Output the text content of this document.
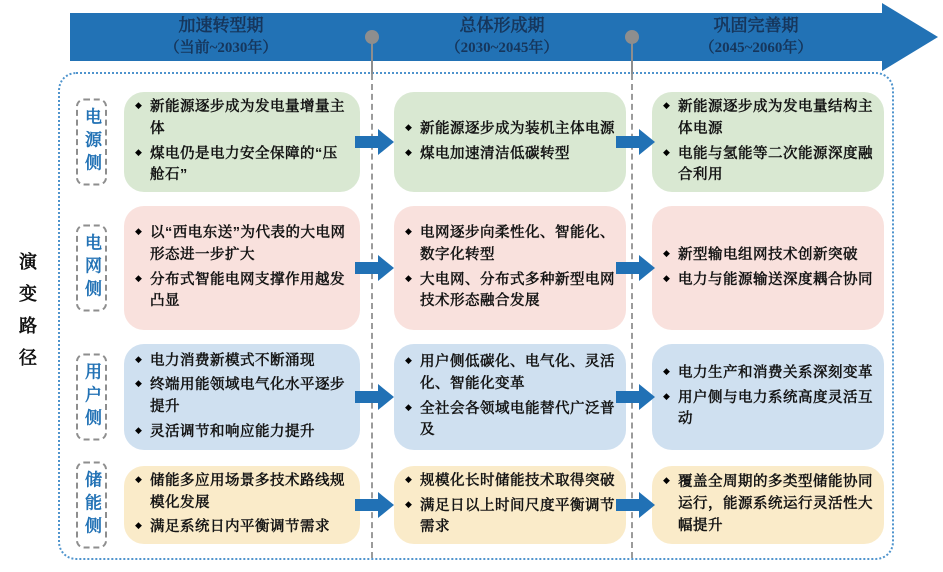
加速转型期
（当前~2030年）
总体形成期
（2030~2045年）
巩固完善期
（2045~2060年）
演变路径
电源侧
◆ 新能源逐步成为发电量增量主体
◆ 煤电仍是电力安全保障的“压舱石”
◆ 新能源逐步成为装机主体电源
◆ 煤电加速清洁低碳转型
◆ 新能源逐步成为发电量结构主体电源
◆ 电能与氢能等二次能源深度融合利用
电网侧
◆ 以“西电东送”为代表的大电网形态进一步扩大
◆ 分布式智能电网支撑作用越发凸显
◆ 电网逐步向柔性化、智能化、数字化转型
◆ 大电网、分布式多种新型电网技术形态融合发展
◆ 新型输电组网技术创新突破
◆ 电力与能源输送深度耦合协同
用户侧
◆ 电力消费新模式不断涌现
◆ 终端用能领域电气化水平逐步提升
◆ 灵活调节和响应能力提升
◆ 用户侧低碳化、电气化、灵活化、智能化变革
◆ 全社会各领域电能替代广泛普及
◆ 电力生产和消费关系深刻变革
◆ 用户侧与电力系统高度灵活互动
储能侧	◆ 储能多应用场景多技术路线规模化发展
◆ 满足系统日内平衡调节需求
◆ 规模化长时储能技术取得突破
◆ 满足日以上时间尺度平衡调节需求
◆ 覆盖全周期的多类型储能协同运行，能源系统运行灵活性大幅提升
